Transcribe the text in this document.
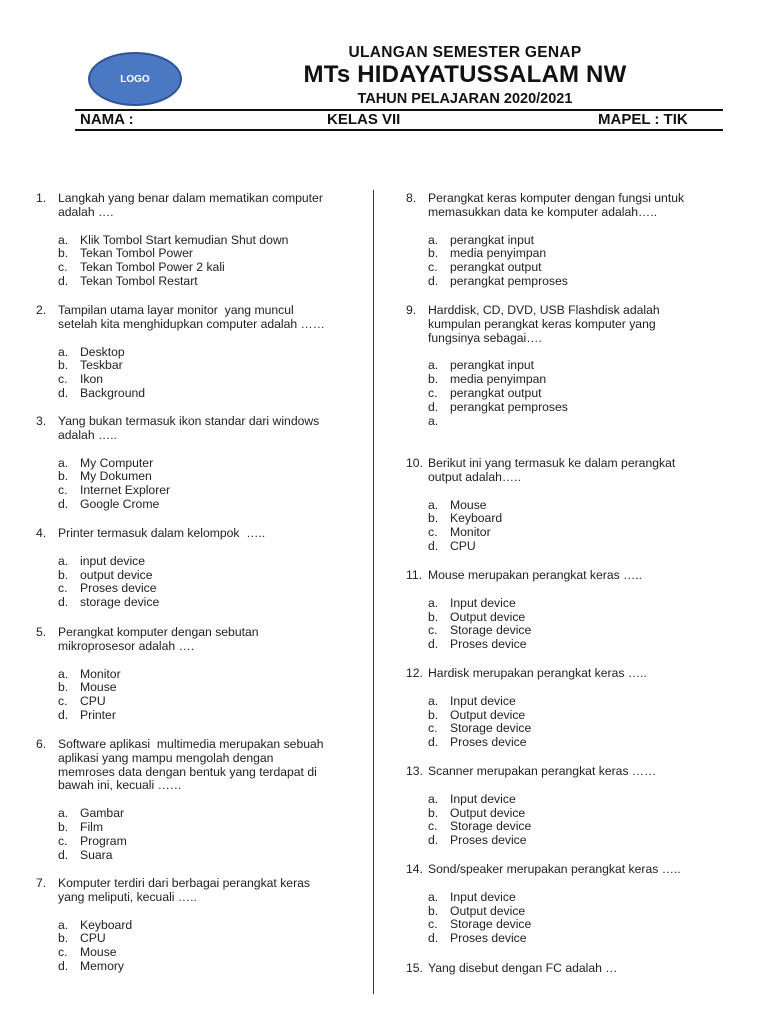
LOGO
ULANGAN SEMESTER GENAP
MTs HIDAYATUSSALAM NW
TAHUN PELAJARAN 2020/2021
NAMA :	KELAS VII	MAPEL : TIK
1. Langkah yang benar dalam mematikan computer
adalah ….
a. Klik Tombol Start kemudian Shut down
b. Tekan Tombol Power
c.	Tekan Tombol Power 2 kali
d. Tekan Tombol Restart
2. Tampilan utama layar monitor  yang muncul
setelah kita menghidupkan computer adalah ……
a. Desktop
b. Teskbar
c.	Ikon
d. Background
3. Yang bukan termasuk ikon standar dari windows
adalah …..
a. My Computer
b. My Dokumen
c.	Internet Explorer
d. Google Crome
4. Printer termasuk dalam kelompok  …..
a. input device
b. output device
c.	Proses device
d. storage device
5. Perangkat komputer dengan sebutan
mikroprosesor adalah ….
a. Monitor
b. Mouse
c.	CPU
d. Printer
6. Software aplikasi  multimedia merupakan sebuah
aplikasi yang mampu mengolah dengan
memroses data dengan bentuk yang terdapat di
bawah ini, kecuali ……
a. Gambar
b. Film
c.	Program
d. Suara
7. Komputer terdiri dari berbagai perangkat keras
yang meliputi, kecuali …..
a. Keyboard
b. CPU
c.	Mouse
d. Memory
8. Perangkat keras komputer dengan fungsi untuk
memasukkan data ke komputer adalah…..
a. perangkat input
b. media penyimpan
c.	perangkat output
d. perangkat pemproses
9. Harddisk, CD, DVD, USB Flashdisk adalah
kumpulan perangkat keras komputer yang
fungsinya sebagai….
a. perangkat input
b. media penyimpan
c.	perangkat output
d. perangkat pemproses
a.
10. Berikut ini yang termasuk ke dalam perangkat
output adalah…..
a. Mouse
b. Keyboard
c.	Monitor
d. CPU
11. Mouse merupakan perangkat keras …..
a. Input device
b. Output device
c.	Storage device
d. Proses device
12. Hardisk merupakan perangkat keras …..
a. Input device
b. Output device
c.	Storage device
d. Proses device
13. Scanner merupakan perangkat keras ……
a. Input device
b. Output device
c.	Storage device
d. Proses device
14. Sond/speaker merupakan perangkat keras …..
a. Input device
b. Output device
c.	Storage device
d. Proses device
15. Yang disebut dengan FC adalah …
